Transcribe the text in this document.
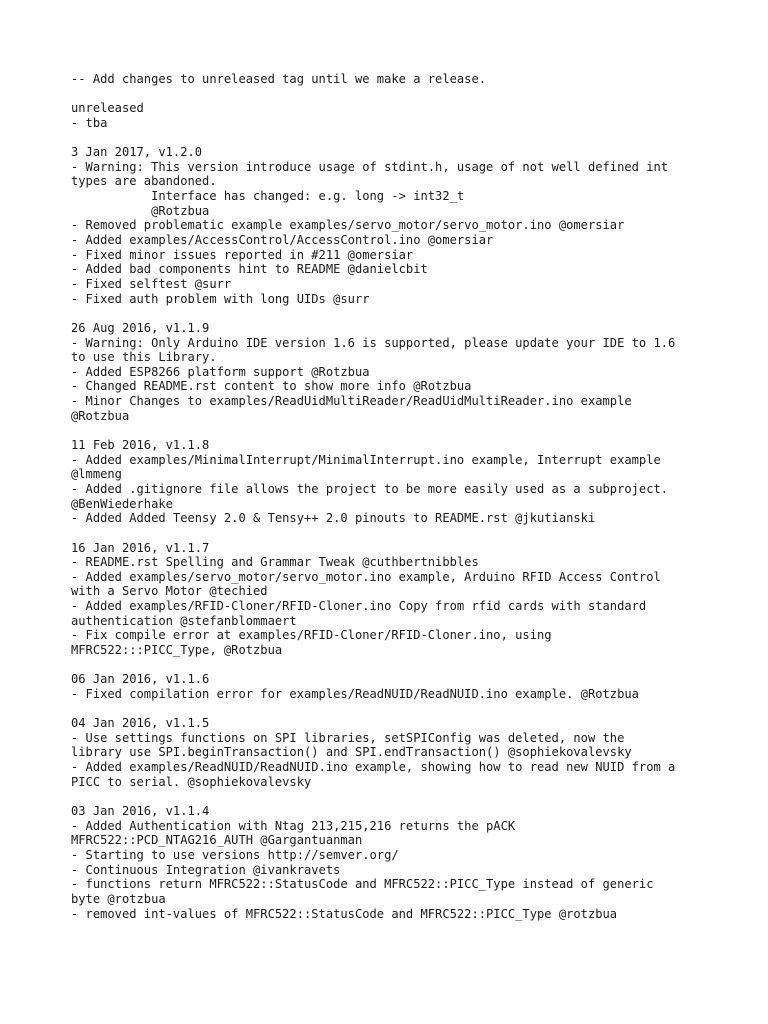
-- Add changes to unreleased tag until we make a release.
unreleased
- tba
3 Jan 2017, v1.2.0
- Warning: This version introduce usage of stdint.h, usage of not well defined int
types are abandoned.
Interface has changed: e.g. long -> int32_t
@Rotzbua
- Removed problematic example examples/servo_motor/servo_motor.ino @omersiar
- Added examples/AccessControl/AccessControl.ino @omersiar
- Fixed minor issues reported in #211 @omersiar
- Added bad components hint to README @danielcbit
- Fixed selftest @surr
- Fixed auth problem with long UIDs @surr
26 Aug 2016, v1.1.9
- Warning: Only Arduino IDE version 1.6 is supported, please update your IDE to 1.6
to use this Library.
- Added ESP8266 platform support @Rotzbua
- Changed README.rst content to show more info @Rotzbua
- Minor Changes to examples/ReadUidMultiReader/ReadUidMultiReader.ino example
@Rotzbua
11 Feb 2016, v1.1.8
- Added examples/MinimalInterrupt/MinimalInterrupt.ino example, Interrupt example
@lmmeng
- Added .gitignore file allows the project to be more easily used as a subproject.
@BenWiederhake
- Added Added Teensy 2.0 & Tensy++ 2.0 pinouts to README.rst @jkutianski
16 Jan 2016, v1.1.7
- README.rst Spelling and Grammar Tweak @cuthbertnibbles
- Added examples/servo_motor/servo_motor.ino example, Arduino RFID Access Control
with a Servo Motor @techied
- Added examples/RFID-Cloner/RFID-Cloner.ino Copy from rfid cards with standard
authentication @stefanblommaert
- Fix compile error at examples/RFID-Cloner/RFID-Cloner.ino, using
MFRC522:::PICC_Type, @Rotzbua
06 Jan 2016, v1.1.6
- Fixed compilation error for examples/ReadNUID/ReadNUID.ino example. @Rotzbua
04 Jan 2016, v1.1.5
- Use settings functions on SPI libraries, setSPIConfig was deleted, now the
library use SPI.beginTransaction() and SPI.endTransaction() @sophiekovalevsky
- Added examples/ReadNUID/ReadNUID.ino example, showing how to read new NUID from a
PICC to serial. @sophiekovalevsky
03 Jan 2016, v1.1.4
- Added Authentication with Ntag 213,215,216 returns the pACK
MFRC522::PCD_NTAG216_AUTH @Gargantuanman
- Starting to use versions http://semver.org/
- Continuous Integration @ivankravets
- functions return MFRC522::StatusCode and MFRC522::PICC_Type instead of generic
byte @rotzbua
- removed int-values of MFRC522::StatusCode and MFRC522::PICC_Type @rotzbua
